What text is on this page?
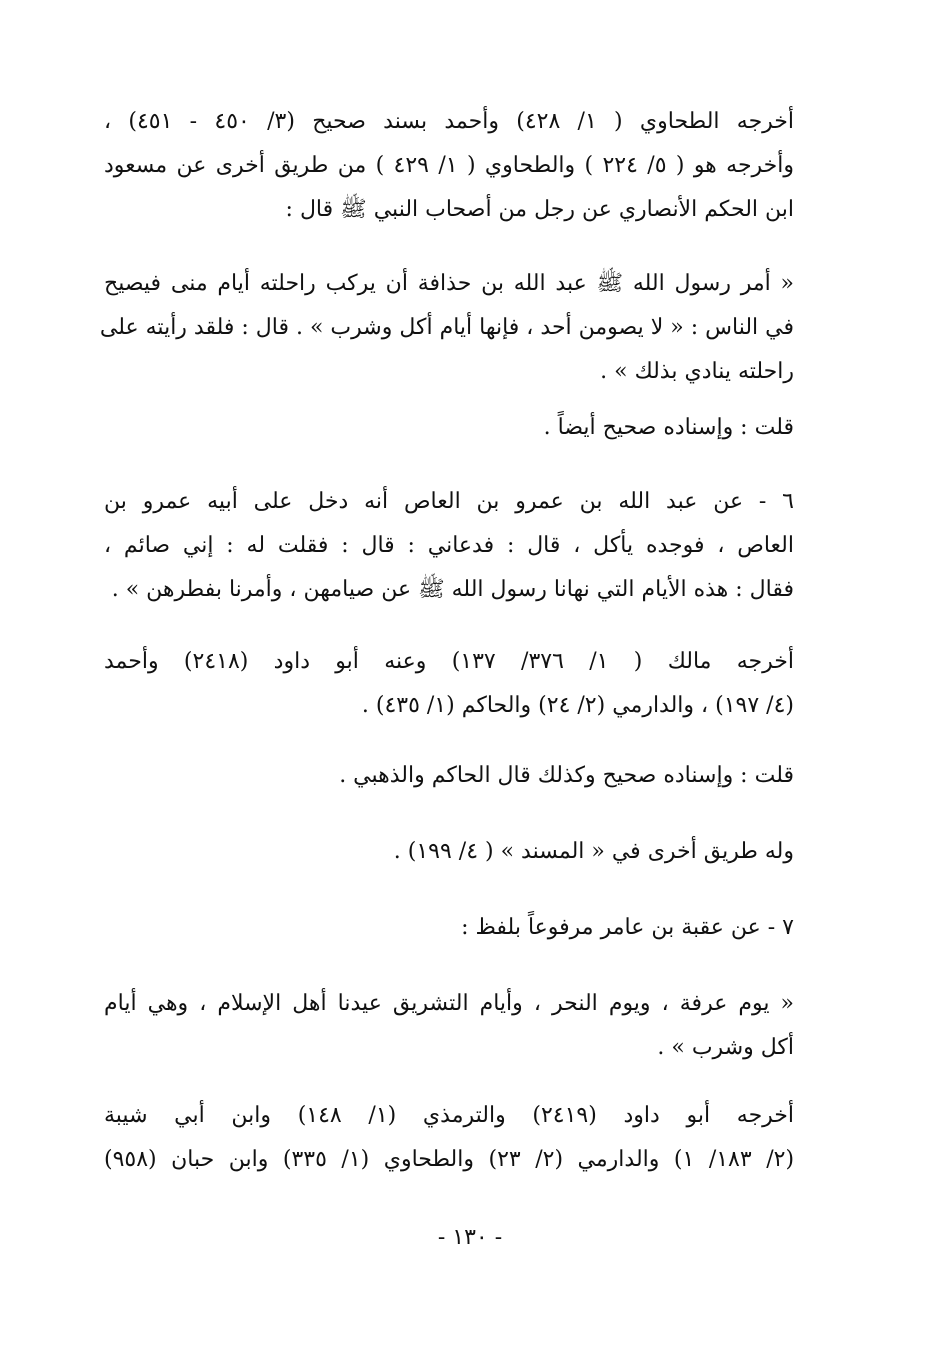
أخرجه الطحاوي ( ١/ ٤٢٨) وأحمد بسند صحيح (٣/ ٤٥٠ - ٤٥١) ،
وأخرجه هو ( ٥/ ٢٢٤ ) والطحاوي ( ١/ ٤٢٩ ) من طريق أخرى عن مسعود
ابن الحكم الأنصاري عن رجل من أصحاب النبي ﷺ قال :
« أمر رسول الله ﷺ عبد الله بن حذافة أن يركب راحلته أيام منى فيصيح
في الناس : « لا يصومن أحد ، فإنها أيام أكل وشرب » . قال : فلقد رأيته على
راحلته ينادي بذلك » .
قلت : وإسناده صحيح أيضاً .
٦ - عن عبد الله بن عمرو بن العاص أنه دخل على أبيه عمرو بن
العاص ، فوجده يأكل ، قال : فدعاني : قال : فقلت له : إني صائم ،
فقال : هذه الأيام التي نهانا رسول الله ﷺ عن صيامهن ، وأمرنا بفطرهن » .
أخرجه مالك ( ١/ ٣٧٦/ ١٣٧) وعنه أبو داود (٢٤١٨) وأحمد
(٤/ ١٩٧) ، والدارمي (٢/ ٢٤) والحاكم (١/ ٤٣٥) .
قلت : وإسناده صحيح وكذلك قال الحاكم والذهبي .
وله طريق أخرى في « المسند » ( ٤/ ١٩٩) .
٧ - عن عقبة بن عامر مرفوعاً بلفظ :
« يوم عرفة ، ويوم النحر ، وأيام التشريق عيدنا أهل الإسلام ، وهي أيام
أكل وشرب » .
أخرجه أبو داود (٢٤١٩) والترمذي (١/ ١٤٨) وابن أبي شيبة
(٢/ ١٨٣/ ١) والدارمي (٢/ ٢٣) والطحاوي (١/ ٣٣٥) وابن حبان (٩٥٨)
- ١٣٠ -
